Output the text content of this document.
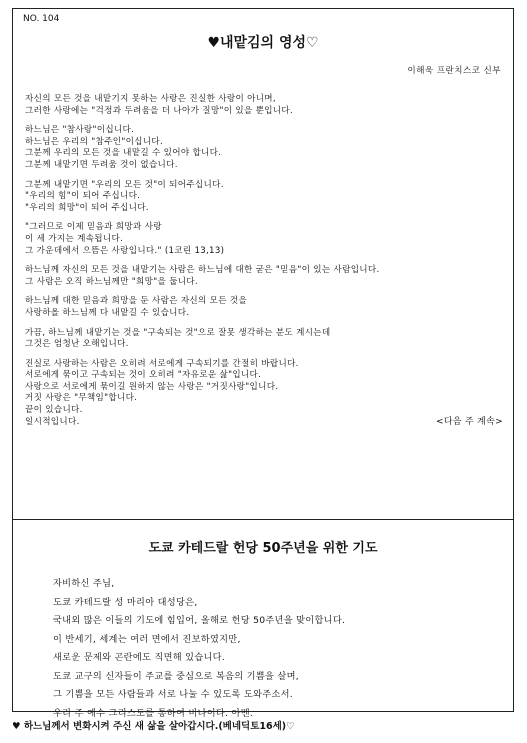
NO. 104
♥내맡김의 영성♡
이해욱 프란치스코 신부
자신의 모든 것을 내맡기지 못하는 사랑은 진실한 사랑이 아니며,
그러한 사랑에는 "걱정과 두려움을 더 나아가 질망"이 있을 뿐입니다.
하느님은 "참사랑"이십니다.
하느님은 우리의 "참주인"이십니다.
그분께 우리의 모든 것을 내맡길 수 있어야 합니다.
그분께 내맡기면 두려움 것이 없습니다.
그분께 내맡기면 "우리의 모든 것"이 되어주십니다.
"우리의 힘"이 되어 주십니다.
"우리의 희망"이 되어 주십니다.
"그러므로 이제 믿음과 희망과 사랑
이 세 가지는 계속됩니다.
그 가운데에서 으뜸은 사랑입니다." (1코린 13,13)
하느님께 자신의 모든 것을 내맡기는 사람은 하느님에 대한 굳은 "믿음"이 있는 사람입니다.
그 사람은 오직 하느님께만 "희망"을 둡니다.
하느님께 대한 믿음과 희망을 둔 사람은 자신의 모든 것을
사랑하올 하느님께 다 내맡길 수 있습니다.
가끔, 하느님께 내맡기는 것을 "구속되는 것"으로 잘못 생각하는 분도 계시는데
그것은 엄청난 오해입니다.
진실로 사랑하는 사람은 오히려 서로에게 구속되기를 간절히 바랍니다.
서로에게 묶이고 구속되는 것이 오히려 "자유로운 삶"입니다.
사랑으로 서로에게 묶이길 원하지 않는 사랑은 "거짓사랑"입니다.
거짓 사랑은 "무책임"합니다.
끝이 있습니다.
일시적입니다.	<다음 주 계속>
도쿄 카테드랄 헌당 50주년을 위한 기도
자비하신 주님,
도쿄 카테드랄 성 마리아 대성당은,
국내외 많은 이들의 기도에 힘입어, 올해로 헌당 50주년을 맞이합니다.
이 반세기, 세계는 여러 면에서 진보하였지만,
새로운 문제와 곤란에도 직면해 있습니다.
도쿄 교구의 신자들이 주교를 중심으로 복음의 기쁨을 살며,
그 기쁨을 모든 사람들과 서로 나눌 수 있도록 도와주소서.
우리 주 예수 그리스도를 통하여 비나이다. 아멘.
♥ 하느님께서 변화시켜 주신 새 삶을 살아갑시다.(베네딕토16세)♡
